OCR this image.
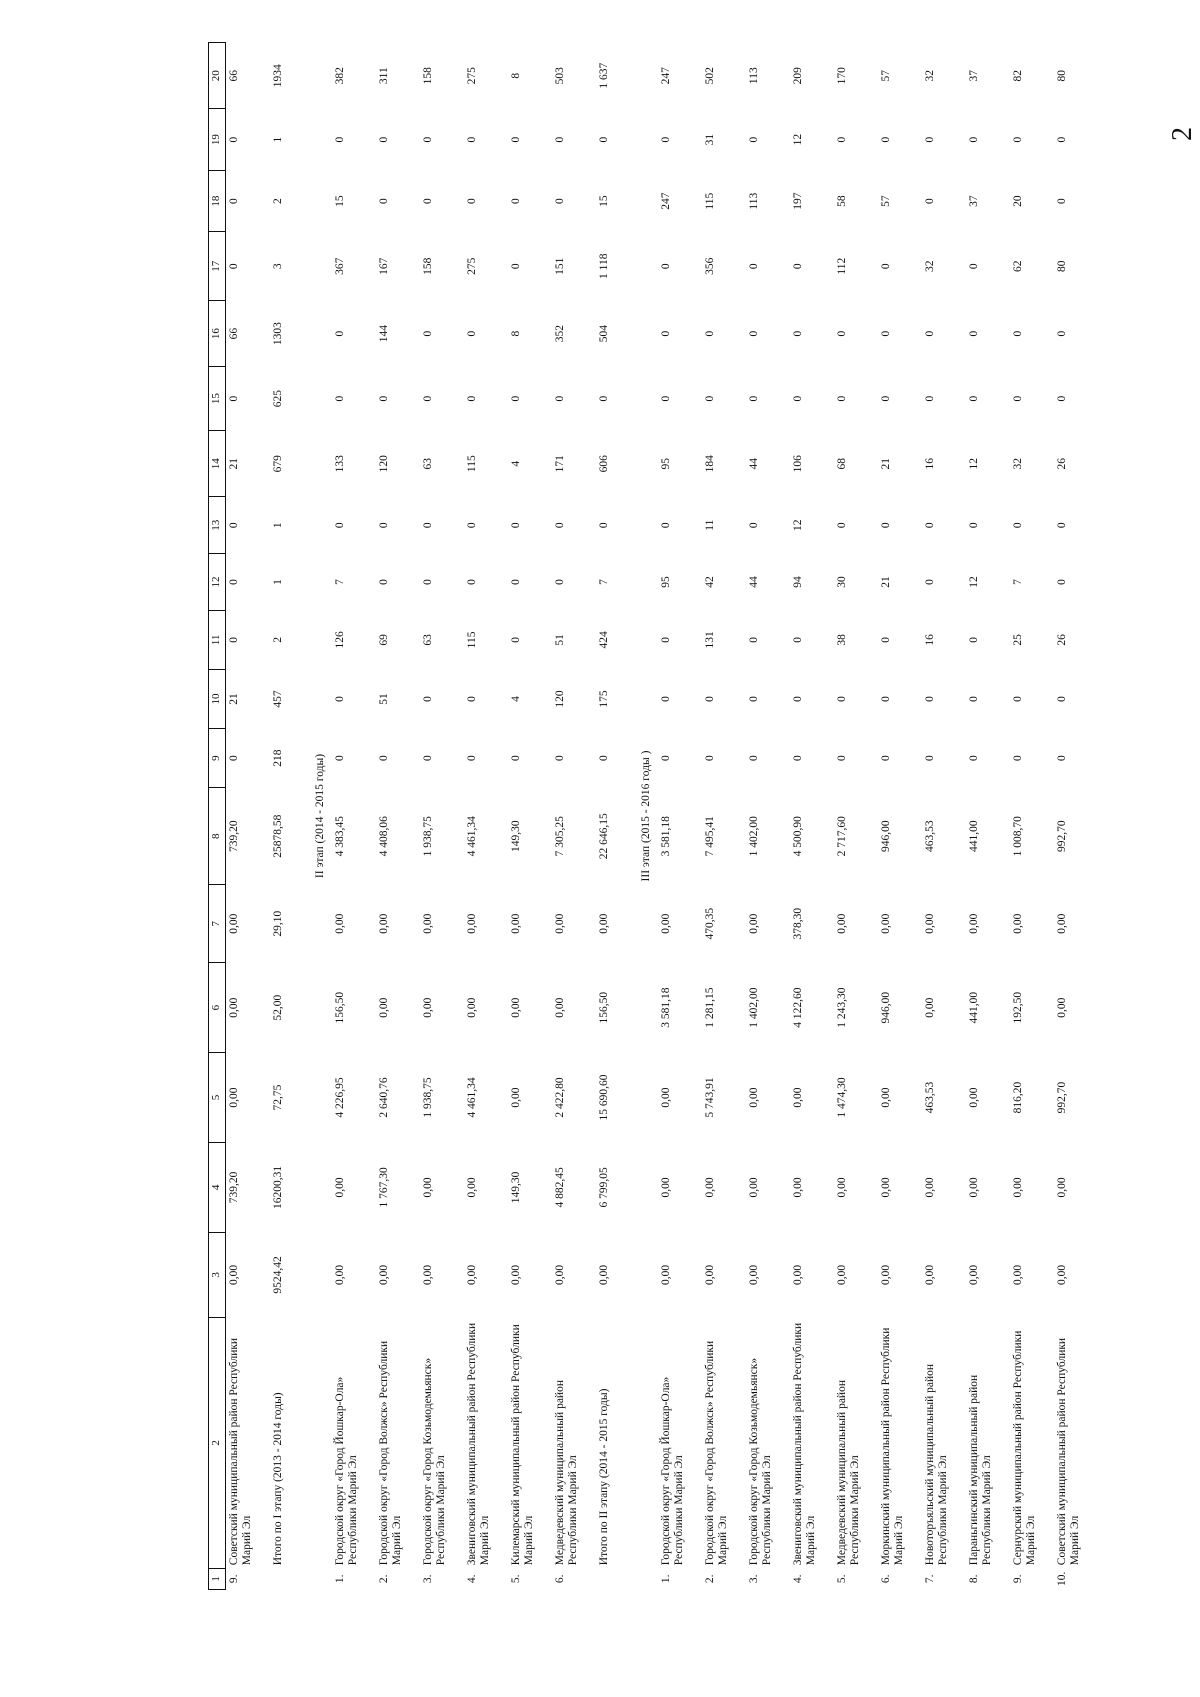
2
1	2	3	4	5	6	7	8	9	10	11	12	13	14	15	16	17	18	19	20
9.	Советский муниципальный район Республики Марий Эл	0,00	739,20	0,00	0,00	0,00	739,20	0	21	0	0	0	21	0	66	0	0	0	66
	Итого по I этапу (2013 - 2014 годы)	9524,42	16200,31	72,75	52,00	29,10	25878,58	218	457	2	1	1	679	625	1303	3	2	1	1934
II этап (2014 - 2015 годы)																			
1.	Городской округ «Город Йошкар-Ола» Республики Марий Эл	0,00	0,00	4 226,95	156,50	0,00	4 383,45	0	0	126	7	0	133	0	0	367	15	0	382
2.	Городской округ «Город Волжск» Республики Марий Эл	0,00	1 767,30	2 640,76	0,00	0,00	4 408,06	0	51	69	0	0	120	0	144	167	0	0	311
3.	Городской округ «Город Козьмодемьянск» Республики Марий Эл	0,00	0,00	1 938,75	0,00	0,00	1 938,75	0	0	63	0	0	63	0	0	158	0	0	158
4.	Звениговский муниципальный район Республики Марий Эл	0,00	0,00	4 461,34	0,00	0,00	4 461,34	0	0	115	0	0	115	0	0	275	0	0	275
5.	Килемарский муниципальный район Республики Марий Эл	0,00	149,30	0,00	0,00	0,00	149,30	0	4	0	0	0	4	0	8	0	0	0	8
6.	Медведевский муниципальный район Республики Марий Эл	0,00	4 882,45	2 422,80	0,00	0,00	7 305,25	0	120	51	0	0	171	0	352	151	0	0	503
	Итого по II этапу (2014 - 2015 годы)	0,00	6 799,05	15 690,60	156,50	0,00	22 646,15	0	175	424	7	0	606	0	504	1 118	15	0	1 637
III этап (2015 - 2016 годы )																			
1.	Городской округ «Город Йошкар-Ола» Республики Марий Эл	0,00	0,00	0,00	3 581,18	0,00	3 581,18	0	0	0	95	0	95	0	0	0	247	0	247
2.	Городской округ «Город Волжск» Республики Марий Эл	0,00	0,00	5 743,91	1 281,15	470,35	7 495,41	0	0	131	42	11	184	0	0	356	115	31	502
3.	Городской округ «Город Козьмодемьянск» Республики Марий Эл	0,00	0,00	0,00	1 402,00	0,00	1 402,00	0	0	0	44	0	44	0	0	0	113	0	113
4.	Звениговский муниципальный район Республики Марий Эл	0,00	0,00	0,00	4 122,60	378,30	4 500,90	0	0	0	94	12	106	0	0	0	197	12	209
5.	Медведевский муниципальный район Республики Марий Эл	0,00	0,00	1 474,30	1 243,30	0,00	2 717,60	0	0	38	30	0	68	0	0	112	58	0	170
6.	Моркинский муниципальный район Республики Марий Эл	0,00	0,00	0,00	946,00	0,00	946,00	0	0	0	21	0	21	0	0	0	57	0	57
7.	Новоторъяльский муниципальный район Республики Марий Эл	0,00	0,00	463,53	0,00	0,00	463,53	0	0	16	0	0	16	0	0	32	0	0	32
8.	Параньгинский муниципальный район Республики Марий Эл	0,00	0,00	0,00	441,00	0,00	441,00	0	0	0	12	0	12	0	0	0	37	0	37
9.	Сернурский муниципальный район Республики Марий Эл	0,00	0,00	816,20	192,50	0,00	1 008,70	0	0	25	7	0	32	0	0	62	20	0	82
10.	Советский муниципальный район Республики Марий Эл	0,00	0,00	992,70	0,00	0,00	992,70	0	0	26	0	0	26	0	0	80	0	0	80
